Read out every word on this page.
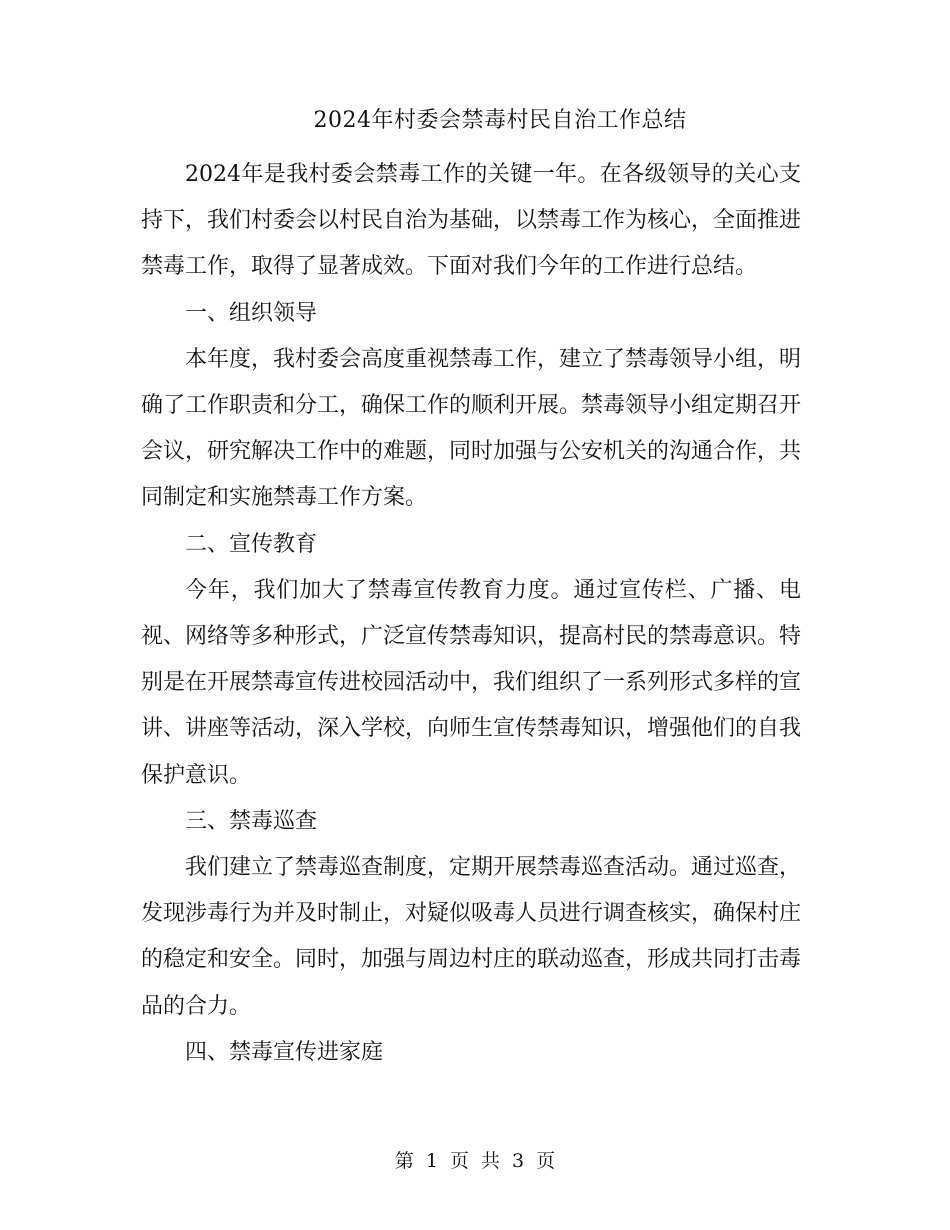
2024年村委会禁毒村民自治工作总结

2024年是我村委会禁毒工作的关键一年。在各级领导的关心支持下，我们村委会以村民自治为基础，以禁毒工作为核心，全面推进禁毒工作，取得了显著成效。下面对我们今年的工作进行总结。

一、组织领导

本年度，我村委会高度重视禁毒工作，建立了禁毒领导小组，明确了工作职责和分工，确保工作的顺利开展。禁毒领导小组定期召开会议，研究解决工作中的难题，同时加强与公安机关的沟通合作，共同制定和实施禁毒工作方案。

二、宣传教育

今年，我们加大了禁毒宣传教育力度。通过宣传栏、广播、电视、网络等多种形式，广泛宣传禁毒知识，提高村民的禁毒意识。特别是在开展禁毒宣传进校园活动中，我们组织了一系列形式多样的宣讲、讲座等活动，深入学校，向师生宣传禁毒知识，增强他们的自我保护意识。

三、禁毒巡查

我们建立了禁毒巡查制度，定期开展禁毒巡查活动。通过巡查，发现涉毒行为并及时制止，对疑似吸毒人员进行调查核实，确保村庄的稳定和安全。同时，加强与周边村庄的联动巡查，形成共同打击毒品的合力。

四、禁毒宣传进家庭

第 1 页 共 3 页
